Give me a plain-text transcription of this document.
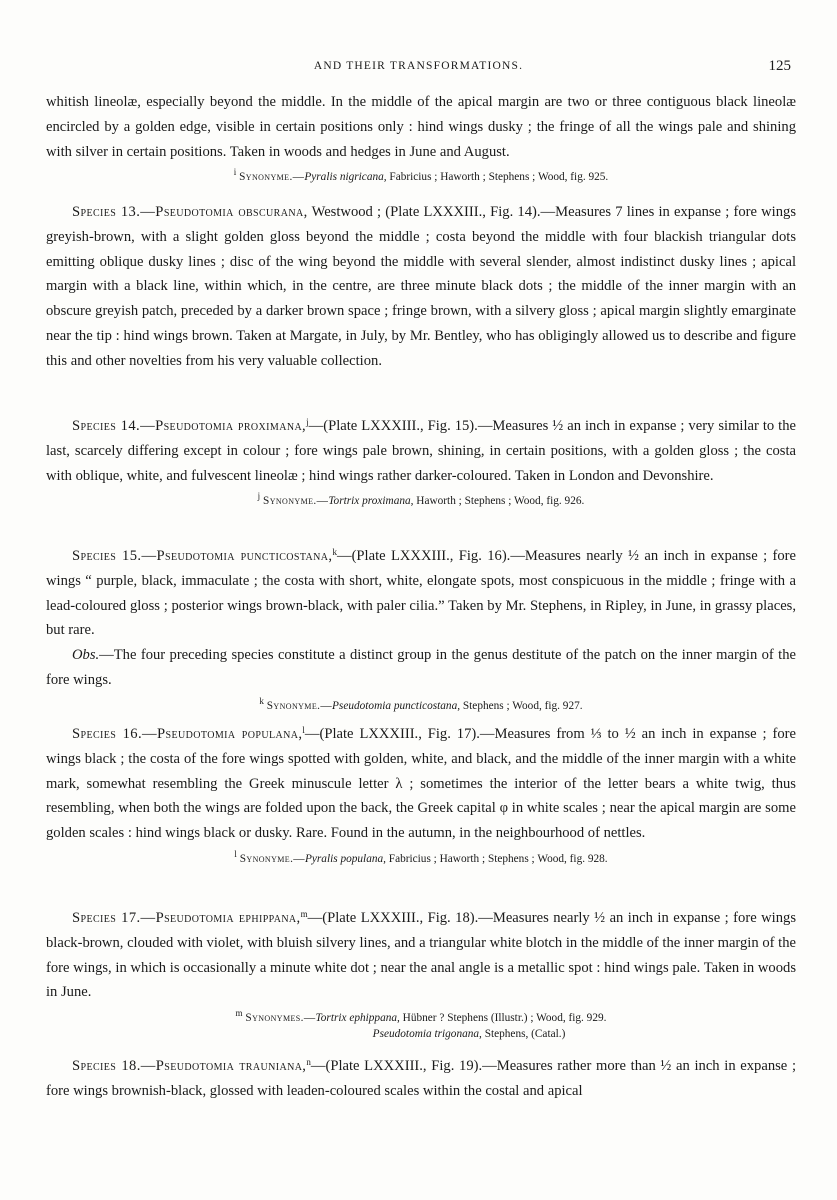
AND THEIR TRANSFORMATIONS.	125

whitish lineolæ, especially beyond the middle. In the middle of the apical margin are two or three contiguous black lineolæ encircled by a golden edge, visible in certain positions only : hind wings dusky ; the fringe of all the wings pale and shining with silver in certain positions. Taken in woods and hedges in June and August.

$^i$ Synonyme.—Pyralis nigricana, Fabricius ; Haworth ; Stephens ; Wood, fig. 925.

Species 13.—Pseudotomia obscurana, Westwood ; (Plate LXXXIII., Fig. 14).—Measures 7 lines in expanse ; fore wings greyish-brown, with a slight golden gloss beyond the middle ; costa beyond the middle with four blackish triangular dots emitting oblique dusky lines ; disc of the wing beyond the middle with several slender, almost indistinct dusky lines ; apical margin with a black line, within which, in the centre, are three minute black dots ; the middle of the inner margin with an obscure greyish patch, preceded by a darker brown space ; fringe brown, with a silvery gloss ; apical margin slightly emarginate near the tip : hind wings brown. Taken at Margate, in July, by Mr. Bentley, who has obligingly allowed us to describe and figure this and other novelties from his very valuable collection.

Species 14.—Pseudotomia proximana,$^j$—(Plate LXXXIII., Fig. 15).—Measures ½ an inch in expanse ; very similar to the last, scarcely differing except in colour ; fore wings pale brown, shining, in certain positions, with a golden gloss ; the costa with oblique, white, and fulvescent lineolæ ; hind wings rather darker-coloured. Taken in London and Devonshire.

$^j$ Synonyme.—Tortrix proximana, Haworth ; Stephens ; Wood, fig. 926.

Species 15.—Pseudotomia puncticostana,$^k$—(Plate LXXXIII., Fig. 16).—Measures nearly ½ an inch in expanse ; fore wings “ purple, black, immaculate ; the costa with short, white, elongate spots, most conspicuous in the middle ; fringe with a lead-coloured gloss ; posterior wings brown-black, with paler cilia.” Taken by Mr. Stephens, in Ripley, in June, in grassy places, but rare.

Obs.—The four preceding species constitute a distinct group in the genus destitute of the patch on the inner margin of the fore wings.

$^k$ Synonyme.—Pseudotomia puncticostana, Stephens ; Wood, fig. 927.

Species 16.—Pseudotomia populana,$^l$—(Plate LXXXIII., Fig. 17).—Measures from ⅓ to ½ an inch in expanse ; fore wings black ; the costa of the fore wings spotted with golden, white, and black, and the middle of the inner margin with a white mark, somewhat resembling the Greek minuscule letter λ ; sometimes the interior of the letter bears a white twig, thus resembling, when both the wings are folded upon the back, the Greek capital φ in white scales ; near the apical margin are some golden scales : hind wings black or dusky. Rare. Found in the autumn, in the neighbourhood of nettles.

$^l$ Synonyme.—Pyralis populana, Fabricius ; Haworth ; Stephens ; Wood, fig. 928.

Species 17.—Pseudotomia ephippana,$^m$—(Plate LXXXIII., Fig. 18).—Measures nearly ½ an inch in expanse ; fore wings black-brown, clouded with violet, with bluish silvery lines, and a triangular white blotch in the middle of the inner margin of the fore wings, in which is occasionally a minute white dot ; near the anal angle is a metallic spot : hind wings pale. Taken in woods in June.

$^m$ Synonymes.—Tortrix ephippana, Hübner ? Stephens (Illustr.) ; Wood, fig. 929.

Pseudotomia trigonana, Stephens, (Catal.)

Species 18.—Pseudotomia trauniana,$^n$—(Plate LXXXIII., Fig. 19).—Measures rather more than ½ an inch in expanse ; fore wings brownish-black, glossed with leaden-coloured scales within the costal and apical
